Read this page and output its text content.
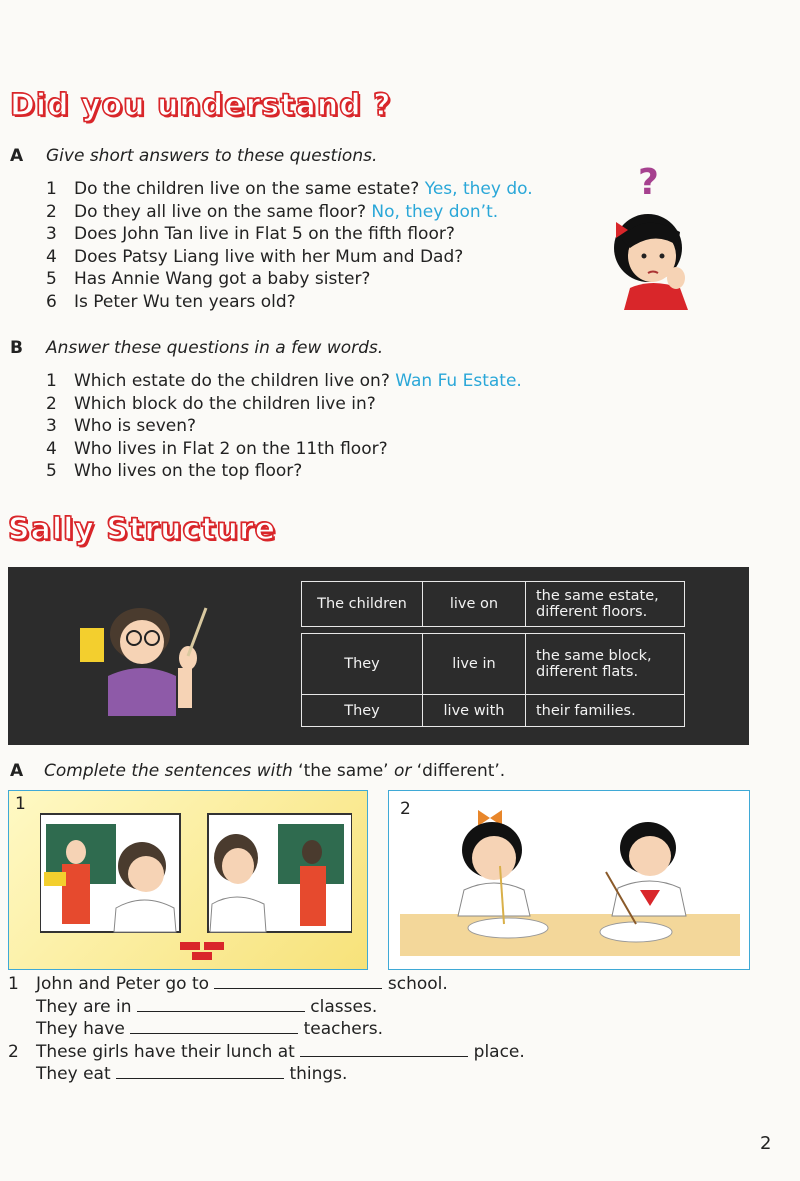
Did you understand ?
A Give short answers to these questions.
1 Do the children live on the same estate? Yes, they do.
2 Do they all live on the same floor? No, they don’t.
3 Does John Tan live in Flat 5 on the fifth floor?
4 Does Patsy Liang live with her Mum and Dad?
5 Has Annie Wang got a baby sister?
6 Is Peter Wu ten years old?
?
B Answer these questions in a few words.
1 Which estate do the children live on? Wan Fu Estate.
2 Which block do the children live in?
3 Who is seven?
4 Who lives in Flat 2 on the 11th floor?
5 Who lives on the top floor?
Sally Structure
The children	live on	the same estate,
different floors.
They	live in	the same block,
different flats.

They	live with	their families.
A Complete the sentences with ‘the same’ or ‘different’.
1	2
1 John and Peter go to	school.
They are in	classes.
They have	teachers.
2 These girls have their lunch at	place.
They eat	things.
2
